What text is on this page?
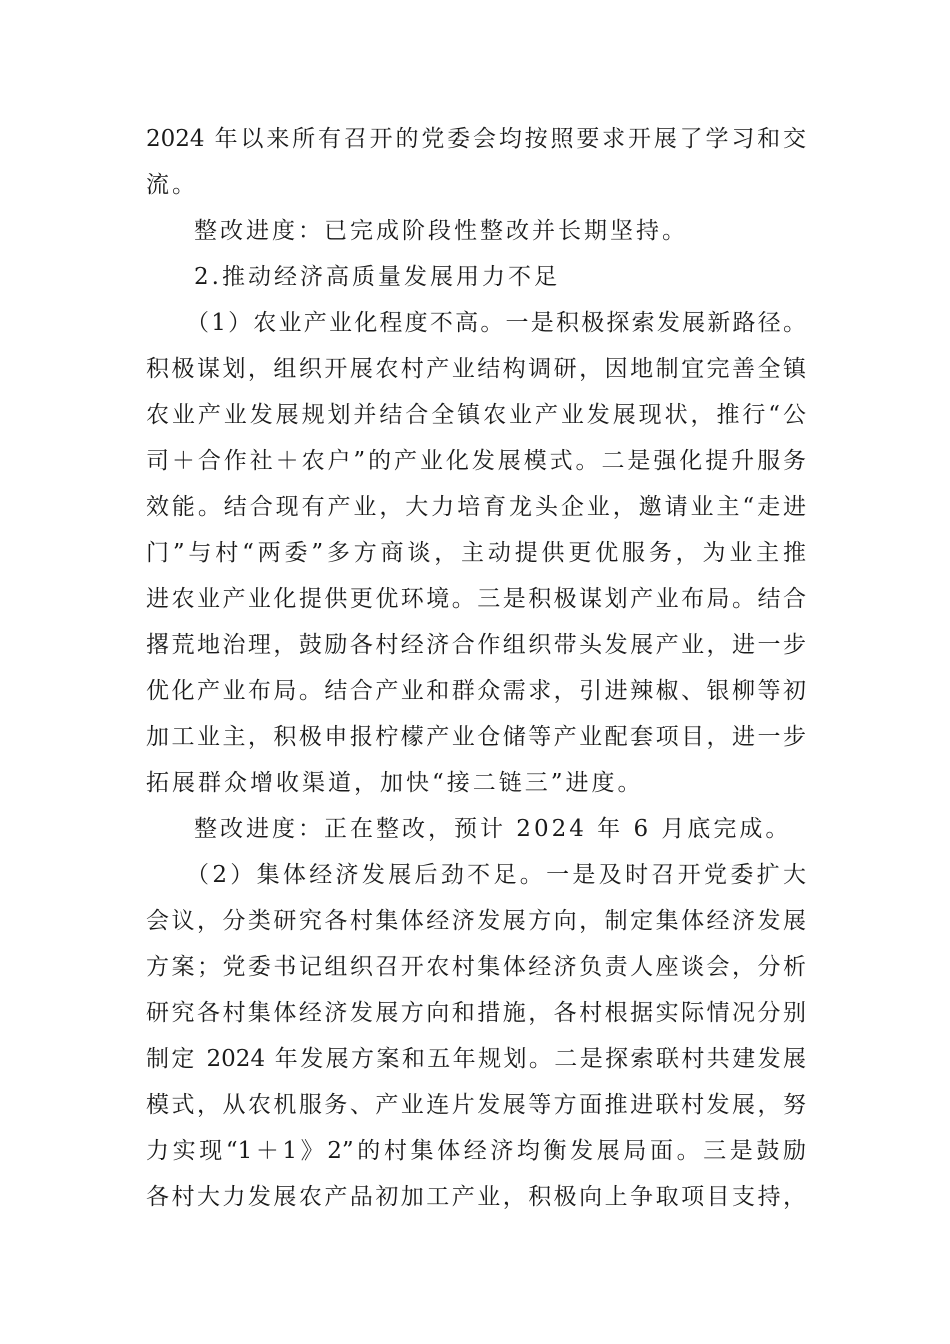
2024 年以来所有召开的党委会均按照要求开展了学习和交
流。
整改进度：已完成阶段性整改并长期坚持。
2.推动经济高质量发展用力不足
（1）农业产业化程度不高。一是积极探索发展新路径。
积极谋划，组织开展农村产业结构调研，因地制宜完善全镇
农业产业发展规划并结合全镇农业产业发展现状，推行“公
司＋合作社＋农户”的产业化发展模式。二是强化提升服务
效能。结合现有产业，大力培育龙头企业，邀请业主“走进
门”与村“两委”多方商谈，主动提供更优服务，为业主推
进农业产业化提供更优环境。三是积极谋划产业布局。结合
撂荒地治理，鼓励各村经济合作组织带头发展产业，进一步
优化产业布局。结合产业和群众需求，引进辣椒、银柳等初
加工业主，积极申报柠檬产业仓储等产业配套项目，进一步
拓展群众增收渠道，加快“接二链三”进度。
整改进度：正在整改，预计 2024 年 6 月底完成。
（2）集体经济发展后劲不足。一是及时召开党委扩大
会议，分类研究各村集体经济发展方向，制定集体经济发展
方案；党委书记组织召开农村集体经济负责人座谈会，分析
研究各村集体经济发展方向和措施，各村根据实际情况分别
制定 2024 年发展方案和五年规划。二是探索联村共建发展
模式，从农机服务、产业连片发展等方面推进联村发展，努
力实现“1＋1》2”的村集体经济均衡发展局面。三是鼓励
各村大力发展农产品初加工产业，积极向上争取项目支持，
